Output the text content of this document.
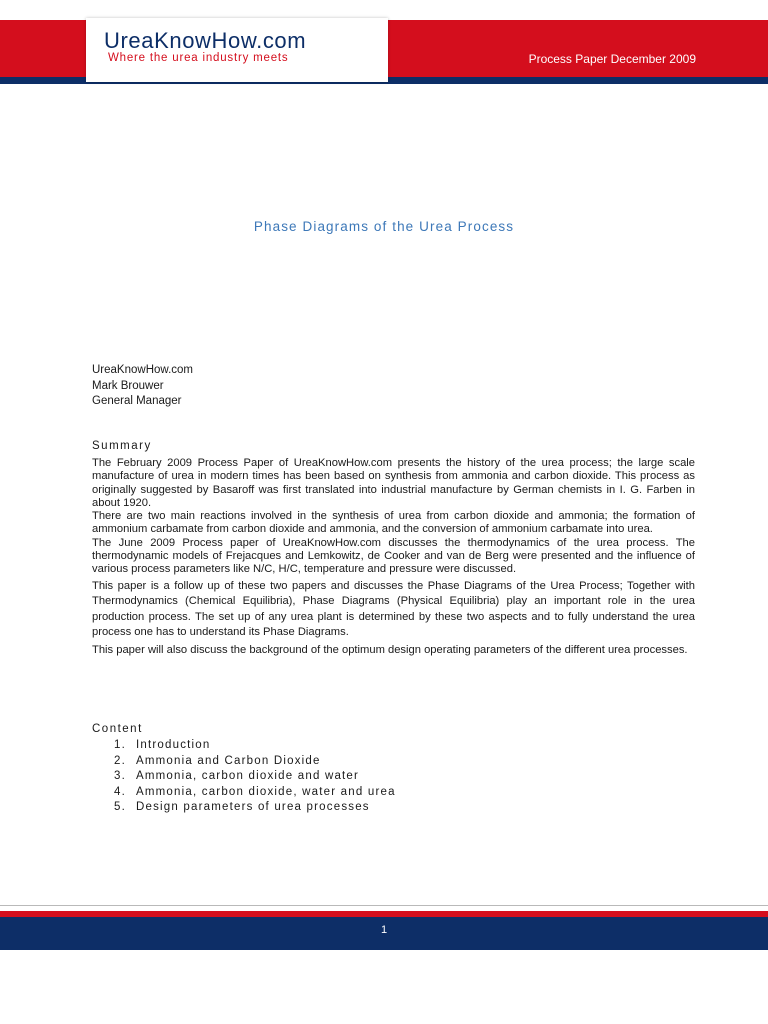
UreaKnowHow.com
Where the urea industry meets	Process Paper December 2009
Phase Diagrams of the Urea Process
UreaKnowHow.com
Mark Brouwer
General Manager
Summary

The February 2009 Process Paper of UreaKnowHow.com presents the history of the urea process; the large scale manufacture of urea in modern times has been based on synthesis from ammonia and carbon dioxide. This process as originally suggested by Basaroff was first translated into industrial manufacture by German chemists in I. G. Farben in about 1920.

There are two main reactions involved in the synthesis of urea from carbon dioxide and ammonia; the formation of ammonium carbamate from carbon dioxide and ammonia, and the conversion of ammonium carbamate into urea.

The June 2009 Process paper of UreaKnowHow.com discusses the thermodynamics of the urea process. The thermodynamic models of Frejacques and Lemkowitz, de Cooker and van de Berg were presented and the influence of various process parameters like N/C, H/C, temperature and pressure were discussed.

This paper is a follow up of these two papers and discusses the Phase Diagrams of the Urea Process; Together with Thermodynamics (Chemical Equilibria), Phase Diagrams (Physical Equilibria) play an important role in the urea production process. The set up of any urea plant is determined by these two aspects and to fully understand the urea process one has to understand its Phase Diagrams.

This paper will also discuss the background of the optimum design operating parameters of the different urea processes.

Content
1. Introduction
2. Ammonia and Carbon Dioxide
3. Ammonia, carbon dioxide and water
4. Ammonia, carbon dioxide, water and urea
5. Design parameters of urea processes
1
